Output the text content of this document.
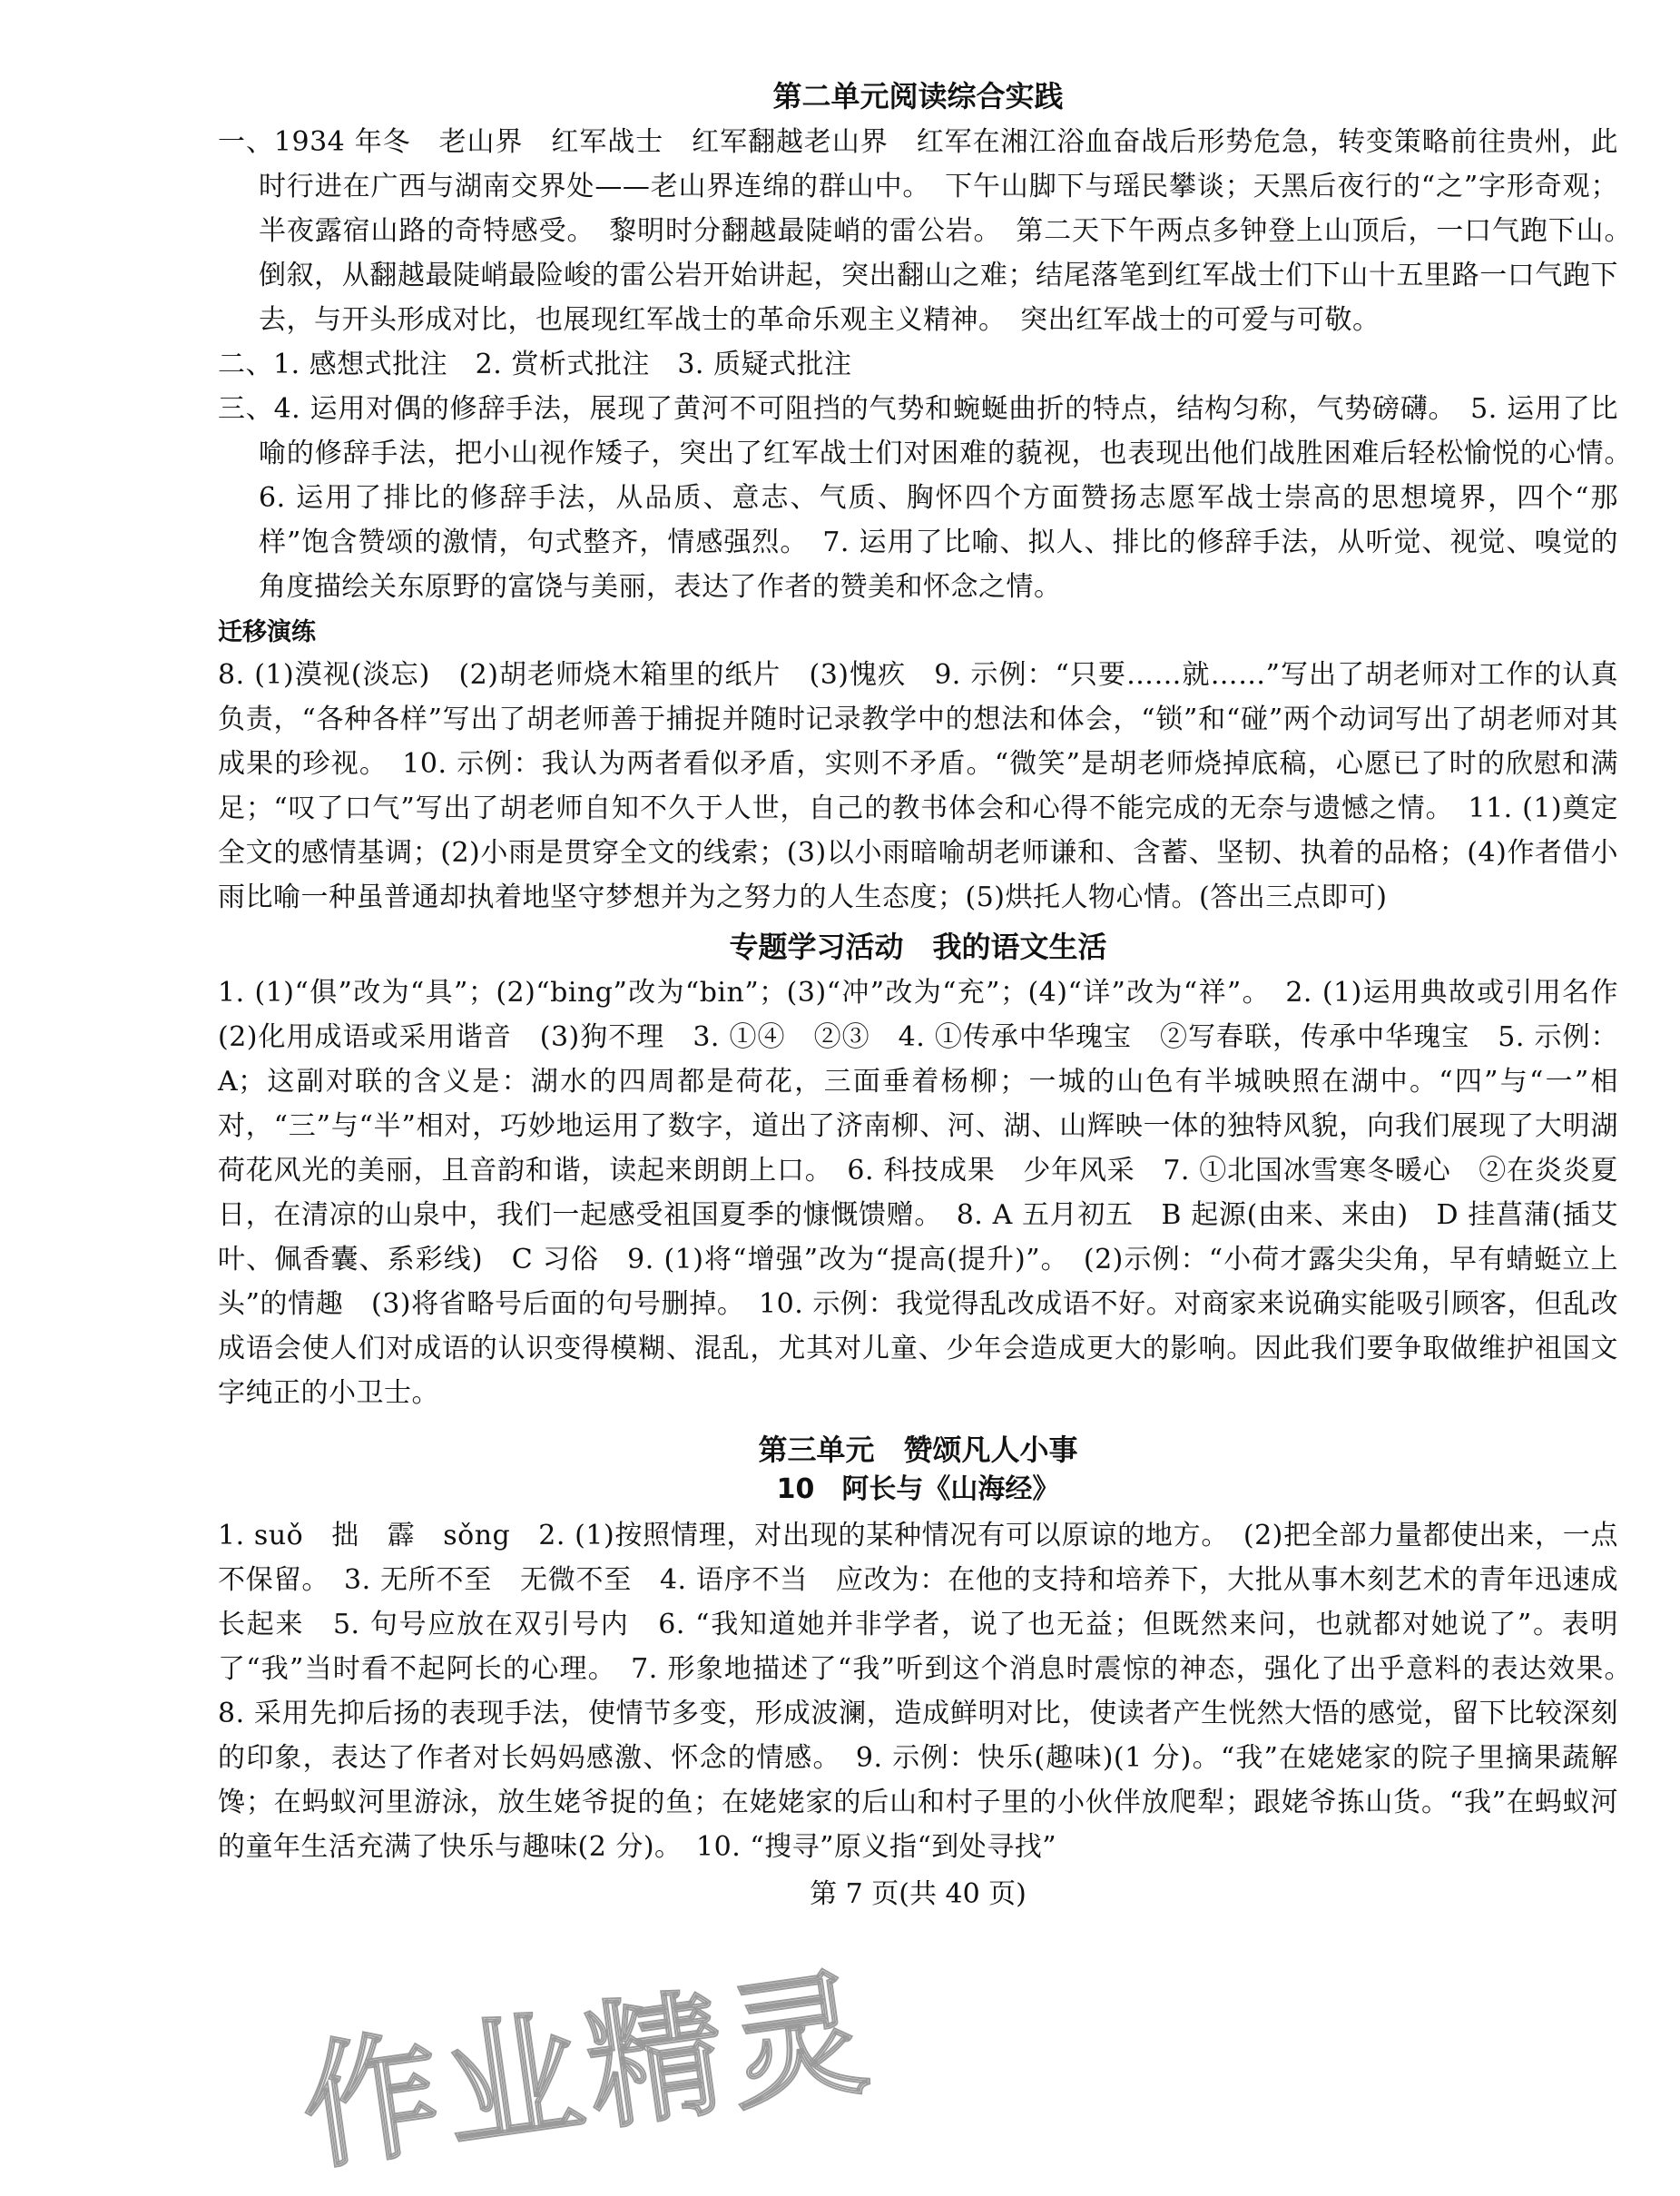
第二单元阅读综合实践
一、1934 年冬　老山界　红军战士　红军翻越老山界　红军在湘江浴血奋战后形势危急，转变策略前往贵州，此时行进在广西与湖南交界处——老山界连绵的群山中。　下午山脚下与瑶民攀谈；天黑后夜行的“之”字形奇观；半夜露宿山路的奇特感受。　黎明时分翻越最陡峭的雷公岩。　第二天下午两点多钟登上山顶后，一口气跑下山。　倒叙，从翻越最陡峭最险峻的雷公岩开始讲起，突出翻山之难；结尾落笔到红军战士们下山十五里路一口气跑下去，与开头形成对比，也展现红军战士的革命乐观主义精神。　突出红军战士的可爱与可敬。
二、1. 感想式批注　2. 赏析式批注　3. 质疑式批注
三、4. 运用对偶的修辞手法，展现了黄河不可阻挡的气势和蜿蜒曲折的特点，结构匀称，气势磅礴。　5. 运用了比喻的修辞手法，把小山视作矮子，突出了红军战士们对困难的藐视，也表现出他们战胜困难后轻松愉悦的心情。　6. 运用了排比的修辞手法，从品质、意志、气质、胸怀四个方面赞扬志愿军战士崇高的思想境界，四个“那样”饱含赞颂的激情，句式整齐，情感强烈。　7. 运用了比喻、拟人、排比的修辞手法，从听觉、视觉、嗅觉的角度描绘关东原野的富饶与美丽，表达了作者的赞美和怀念之情。
迁移演练
8. (1)漠视(淡忘)　(2)胡老师烧木箱里的纸片　(3)愧疚　9. 示例：“只要……就……”写出了胡老师对工作的认真负责，“各种各样”写出了胡老师善于捕捉并随时记录教学中的想法和体会，“锁”和“碰”两个动词写出了胡老师对其成果的珍视。　10. 示例：我认为两者看似矛盾，实则不矛盾。“微笑”是胡老师烧掉底稿，心愿已了时的欣慰和满足；“叹了口气”写出了胡老师自知不久于人世，自己的教书体会和心得不能完成的无奈与遗憾之情。　11. (1)奠定全文的感情基调；(2)小雨是贯穿全文的线索；(3)以小雨暗喻胡老师谦和、含蓄、坚韧、执着的品格；(4)作者借小雨比喻一种虽普通却执着地坚守梦想并为之努力的人生态度；(5)烘托人物心情。(答出三点即可)
专题学习活动　我的语文生活
1. (1)“俱”改为“具”；(2)“bing”改为“bin”；(3)“冲”改为“充”；(4)“详”改为“祥”。　2. (1)运用典故或引用名作　(2)化用成语或采用谐音　(3)狗不理　3. ①④　②③　4. ①传承中华瑰宝　②写春联，传承中华瑰宝　5. 示例：A；这副对联的含义是：湖水的四周都是荷花，三面垂着杨柳；一城的山色有半城映照在湖中。“四”与“一”相对，“三”与“半”相对，巧妙地运用了数字，道出了济南柳、河、湖、山辉映一体的独特风貌，向我们展现了大明湖荷花风光的美丽，且音韵和谐，读起来朗朗上口。　6. 科技成果　少年风采　7. ①北国冰雪寒冬暖心　②在炎炎夏日，在清凉的山泉中，我们一起感受祖国夏季的慷慨馈赠。　8. A 五月初五　B 起源(由来、来由)　D 挂菖蒲(插艾叶、佩香囊、系彩线)　C 习俗　9. (1)将“增强”改为“提高(提升)”。　(2)示例：“小荷才露尖尖角，早有蜻蜓立上头”的情趣　(3)将省略号后面的句号删掉。　10. 示例：我觉得乱改成语不好。对商家来说确实能吸引顾客，但乱改成语会使人们对成语的认识变得模糊、混乱，尤其对儿童、少年会造成更大的影响。因此我们要争取做维护祖国文字纯正的小卫士。
第三单元　赞颂凡人小事
10　阿长与《山海经》
1. suǒ　拙　霹　sǒng　2. (1)按照情理，对出现的某种情况有可以原谅的地方。　(2)把全部力量都使出来，一点不保留。　3. 无所不至　无微不至　4. 语序不当　应改为：在他的支持和培养下，大批从事木刻艺术的青年迅速成长起来　5. 句号应放在双引号内　6. “我知道她并非学者，说了也无益；但既然来问，也就都对她说了”。表明了“我”当时看不起阿长的心理。　7. 形象地描述了“我”听到这个消息时震惊的神态，强化了出乎意料的表达效果。　8. 采用先抑后扬的表现手法，使情节多变，形成波澜，造成鲜明对比，使读者产生恍然大悟的感觉，留下比较深刻的印象，表达了作者对长妈妈感激、怀念的情感。　9. 示例：快乐(趣味)(1 分)。“我”在姥姥家的院子里摘果蔬解馋；在蚂蚁河里游泳，放生姥爷捉的鱼；在姥姥家的后山和村子里的小伙伴放爬犁；跟姥爷拣山货。“我”在蚂蚁河的童年生活充满了快乐与趣味(2 分)。　10. “搜寻”原义指“到处寻找”
第 7 页(共 40 页)
作业精灵
